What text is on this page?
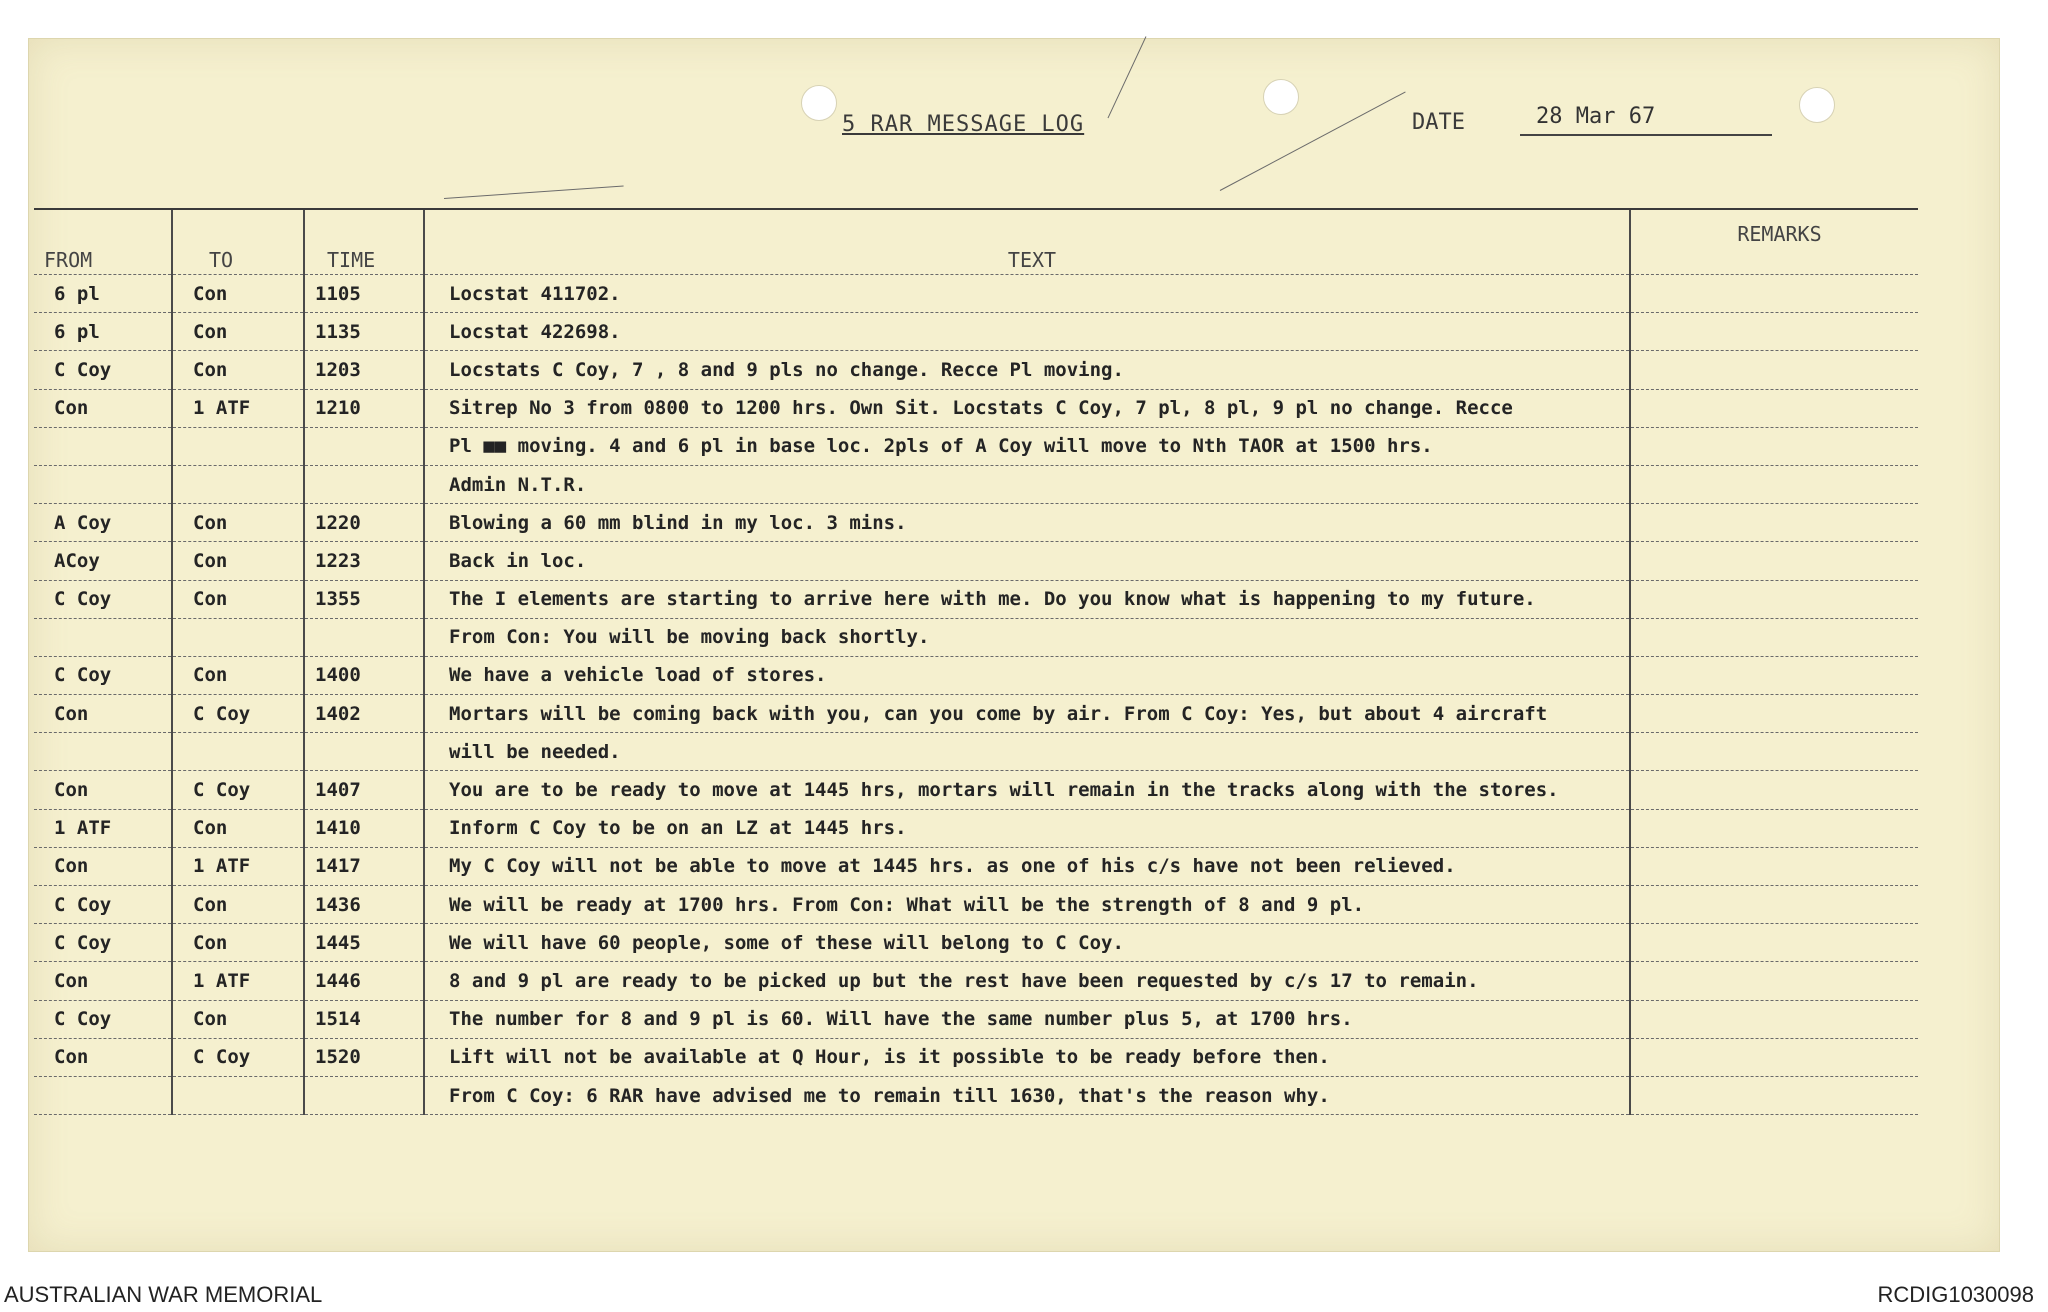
5 RAR MESSAGE LOG	DATE	28 Mar 67
FROM	TO	TIME	TEXT	REMARKS
6 pl	Con	1105	Locstat 411702.	
6 pl	Con	1135	Locstat 422698.	
C Coy	Con	1203	Locstats C Coy, 7 , 8 and 9 pls no change. Recce Pl moving.	
Con	1 ATF	1210	Sitrep No 3 from 0800 to 1200 hrs. Own Sit. Locstats C Coy, 7 pl, 8 pl, 9 pl no change. Recce	
			Pl ■■ moving. 4 and 6 pl in base loc. 2pls of A Coy will move to Nth TAOR at 1500 hrs.	
			Admin N.T.R.	
A Coy	Con	1220	Blowing a 60 mm blind in my loc. 3 mins.	
ACoy	Con	1223	Back in loc.	
C Coy	Con	1355	The I elements are starting to arrive here with me. Do you know what is happening to my future.	
			From Con: You will be moving back shortly.	
C Coy	Con	1400	We have a vehicle load of stores.	
Con	C Coy	1402	Mortars will be coming back with you, can you come by air. From C Coy: Yes, but about 4 aircraft	
			will be needed.	
Con	C Coy	1407	You are to be ready to move at 1445 hrs, mortars will remain in the tracks along with the stores.	
1 ATF	Con	1410	Inform C Coy to be on an LZ at 1445 hrs.	
Con	1 ATF	1417	My C Coy will not be able to move at 1445 hrs. as one of his c/s have not been relieved.	
C Coy	Con	1436	We will be ready at 1700 hrs. From Con: What will be the strength of 8 and 9 pl.	
C Coy	Con	1445	We will have 60 people, some of these will belong to C Coy.	
Con	1 ATF	1446	8 and 9 pl are ready to be picked up but the rest have been requested by c/s 17 to remain.	
C Coy	Con	1514	The number for 8 and 9 pl is 60. Will have the same number plus 5, at 1700 hrs.	
Con	C Coy	1520	Lift will not be available at Q Hour, is it possible to be ready before then.	
			From C Coy: 6 RAR have advised me to remain till 1630, that's the reason why.	
AUSTRALIAN WAR MEMORIAL	RCDIG1030098
